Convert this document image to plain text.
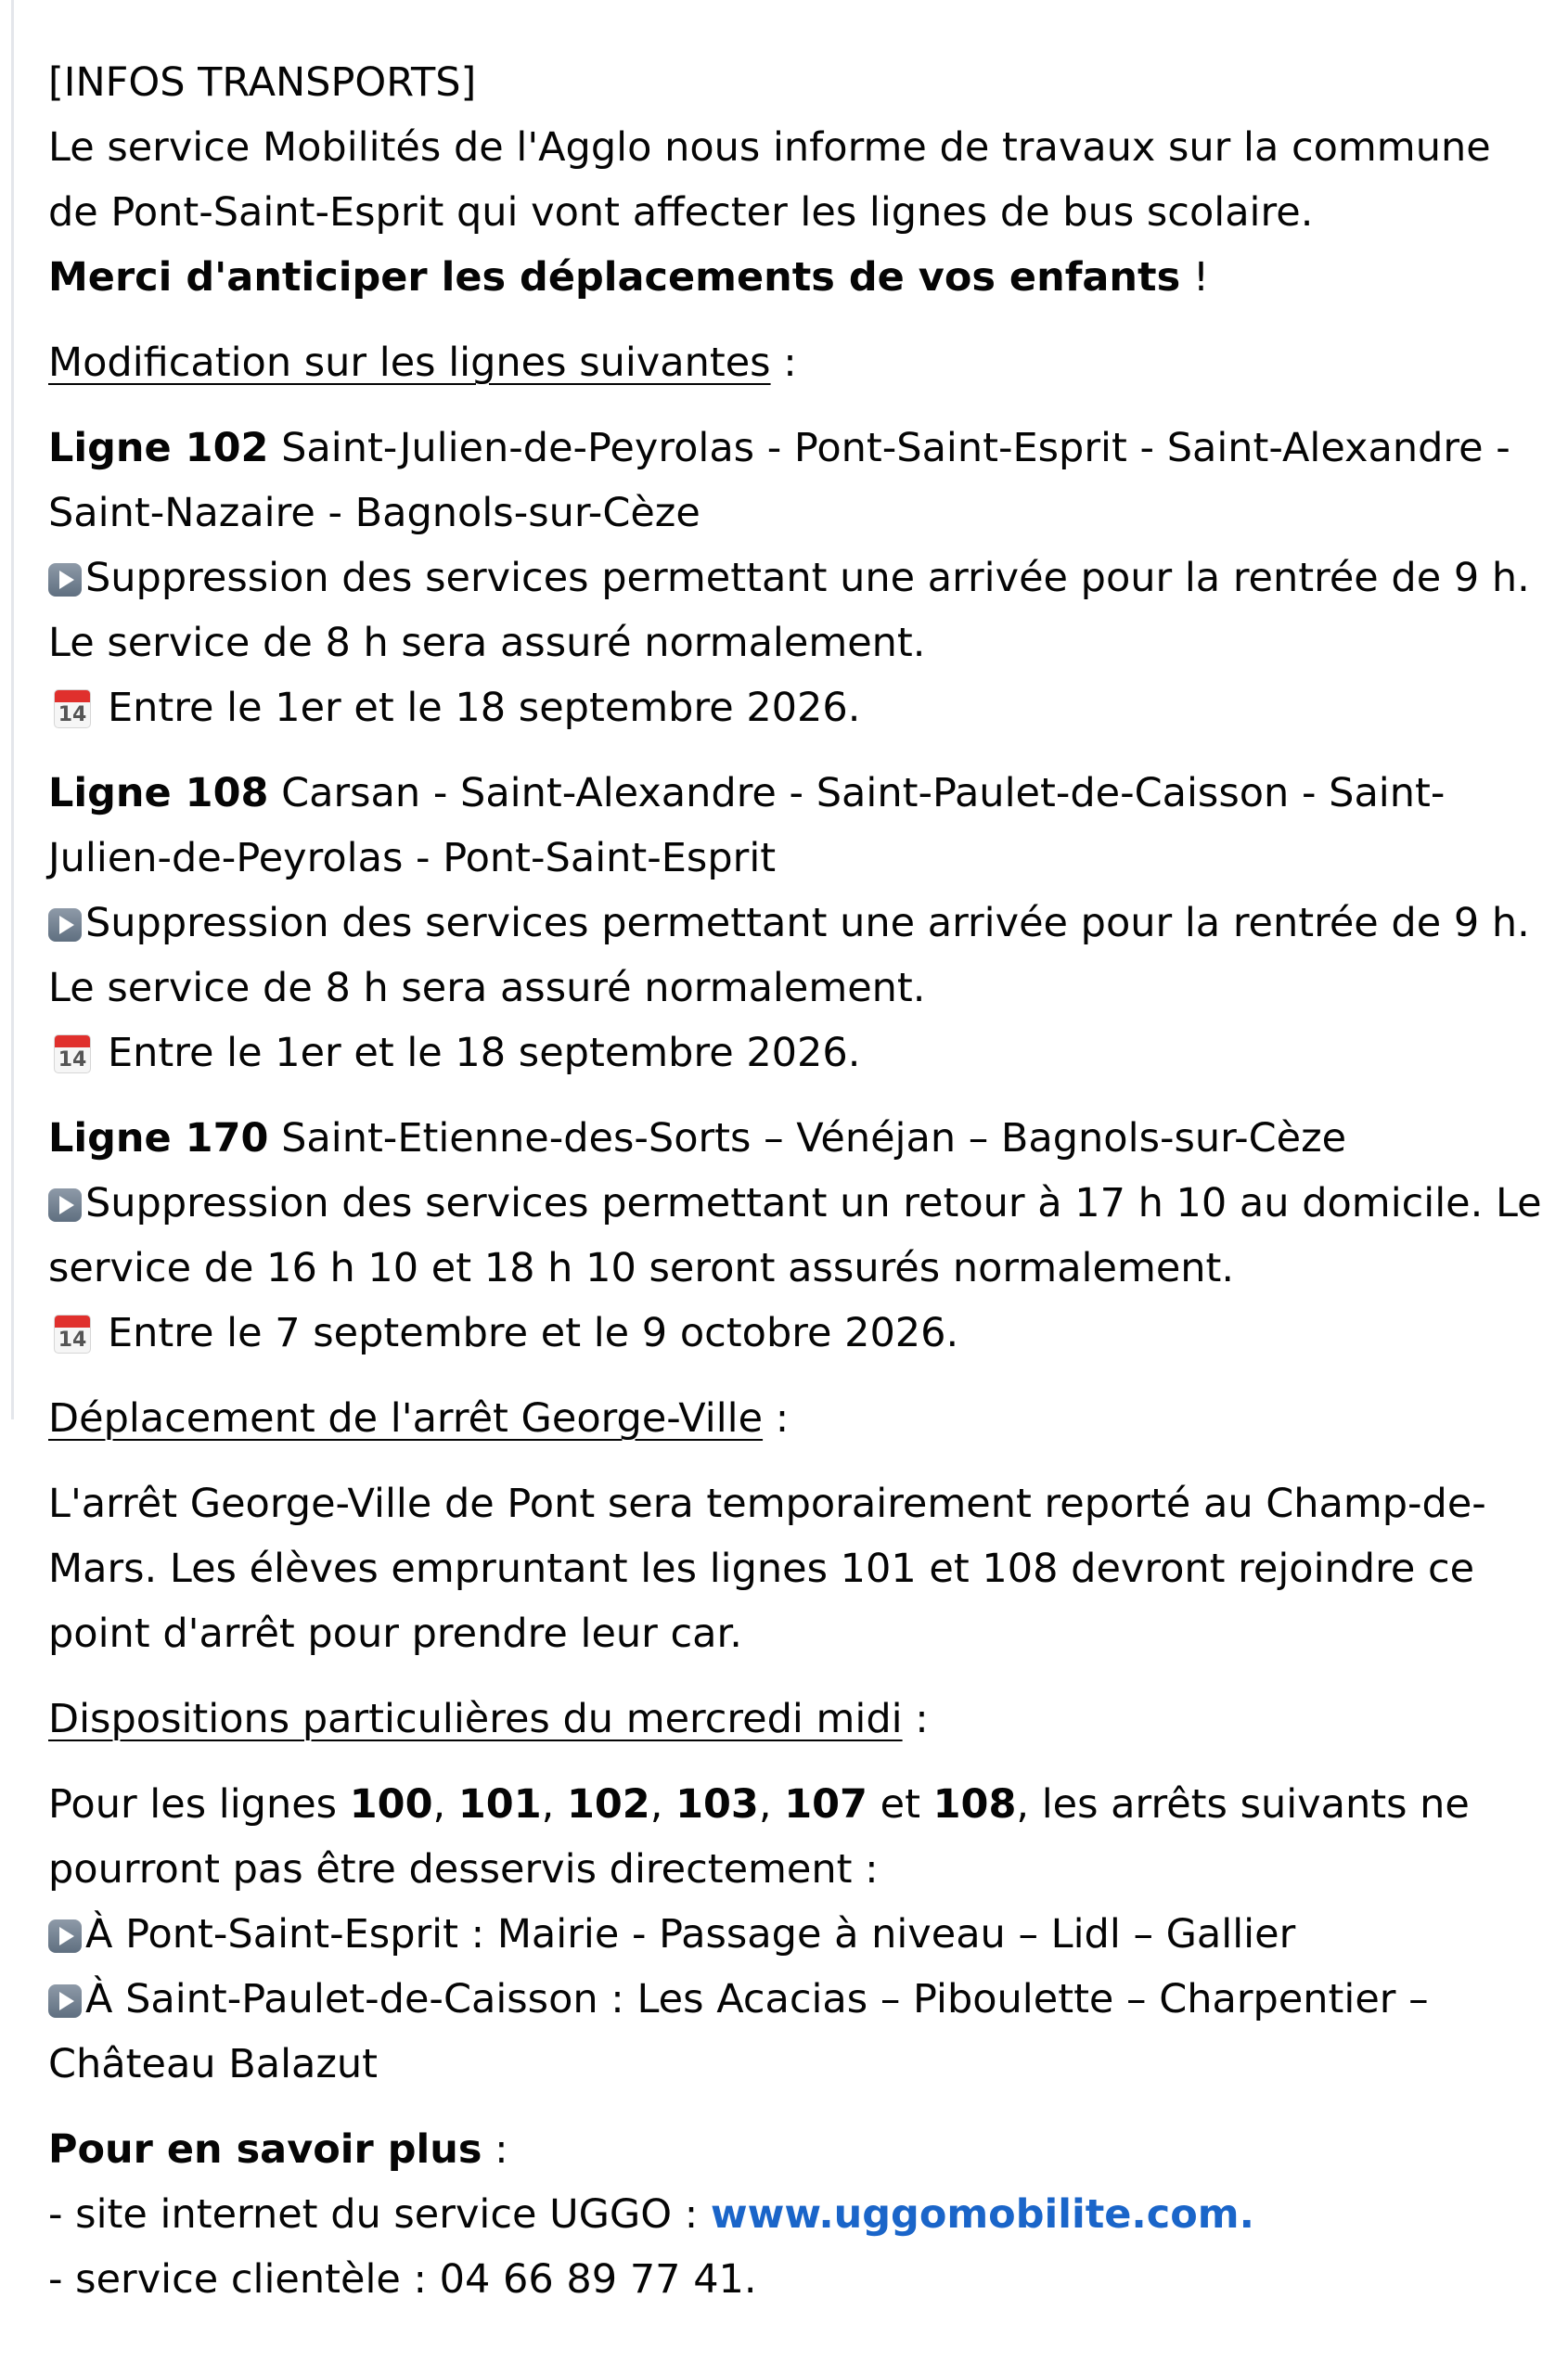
[INFOS TRANSPORTS]

Le service Mobilités de l'Agglo nous informe de travaux sur la commune de Pont-Saint-Esprit qui vont affecter les lignes de bus scolaire.

Merci d'anticiper les déplacements de vos enfants !

Modification sur les lignes suivantes :

Ligne 102 Saint-Julien-de-Peyrolas - Pont-Saint-Esprit - Saint-Alexandre - Saint-Nazaire - Bagnols-sur-Cèze

Suppression des services permettant une arrivée pour la rentrée de 9 h. Le service de 8 h sera assuré normalement.

14 Entre le 1er et le 18 septembre 2026.

Ligne 108 Carsan - Saint-Alexandre - Saint-Paulet-de-Caisson - Saint-Julien-de-Peyrolas - Pont-Saint-Esprit

Suppression des services permettant une arrivée pour la rentrée de 9 h. Le service de 8 h sera assuré normalement.

14 Entre le 1er et le 18 septembre 2026.

Ligne 170 Saint-Etienne-des-Sorts – Vénéjan – Bagnols-sur-Cèze

Suppression des services permettant un retour à 17 h 10 au domicile. Le service de 16 h 10 et 18 h 10 seront assurés normalement.

14 Entre le 7 septembre et le 9 octobre 2026.

Déplacement de l'arrêt George-Ville :

L'arrêt George-Ville de Pont sera temporairement reporté au Champ-de-Mars. Les élèves empruntant les lignes 101 et 108 devront rejoindre ce point d'arrêt pour prendre leur car.

Dispositions particulières du mercredi midi :

Pour les lignes 100, 101, 102, 103, 107 et 108, les arrêts suivants ne pourront pas être desservis directement :

À Pont-Saint-Esprit : Mairie - Passage à niveau – Lidl – Gallier

À Saint-Paulet-de-Caisson : Les Acacias – Piboulette – Charpentier – Château Balazut

Pour en savoir plus :

- site internet du service UGGO : www.uggomobilite.com.

- service clientèle : 04 66 89 77 41.
